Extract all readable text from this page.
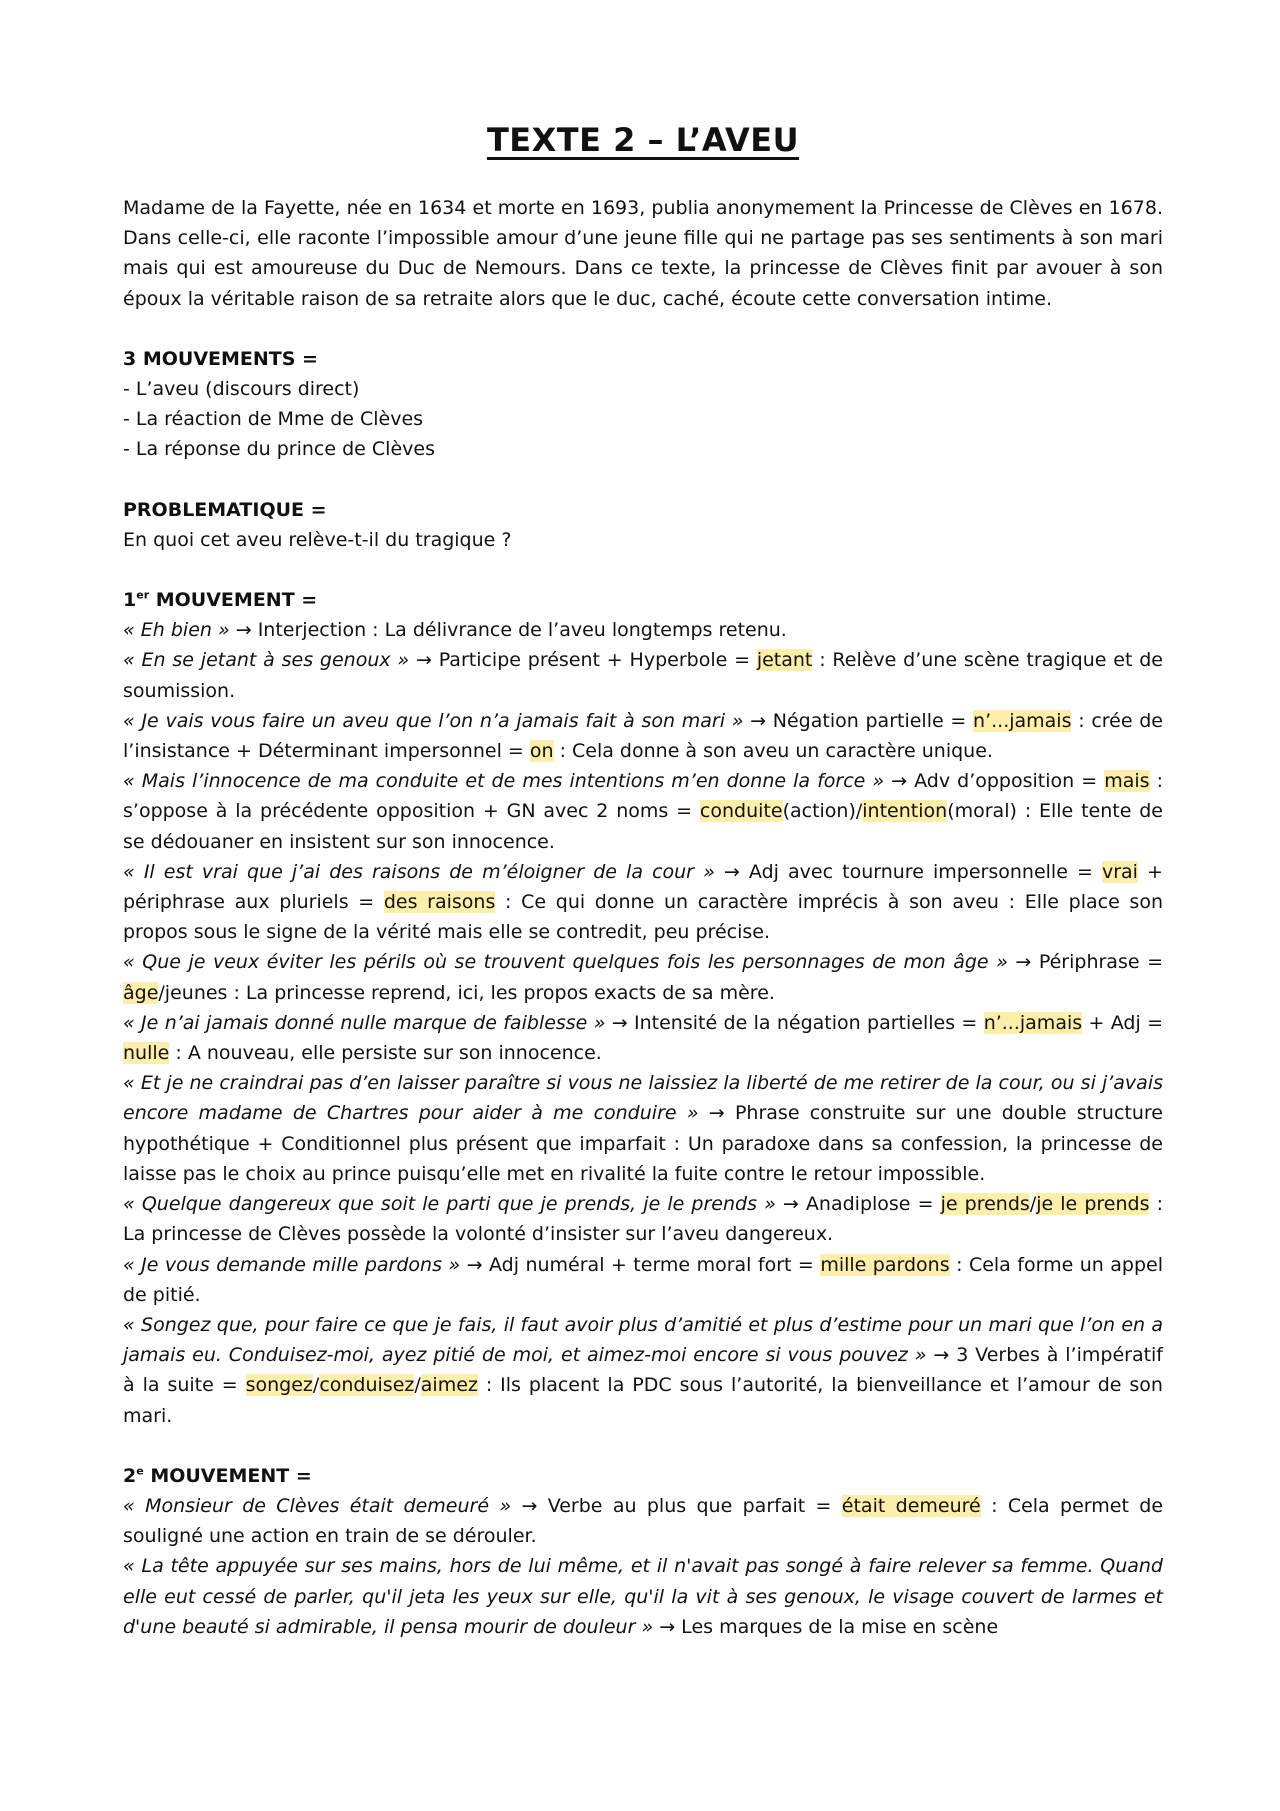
TEXTE 2 – L’AVEU

Madame de la Fayette, née en 1634 et morte en 1693, publia anonymement la Princesse de Clèves en 1678. Dans celle-ci, elle raconte l’impossible amour d’une jeune fille qui ne partage pas ses sentiments à son mari mais qui est amoureuse du Duc de Nemours. Dans ce texte, la princesse de Clèves finit par avouer à son époux la véritable raison de sa retraite alors que le duc, caché, écoute cette conversation intime.

3 MOUVEMENTS =

- L’aveu (discours direct)

- La réaction de Mme de Clèves

- La réponse du prince de Clèves

PROBLEMATIQUE =

En quoi cet aveu relève-t-il du tragique ?

1er MOUVEMENT =

« Eh bien » → Interjection : La délivrance de l’aveu longtemps retenu.

« En se jetant à ses genoux » → Participe présent + Hyperbole = jetant : Relève d’une scène tragique et de soumission.

« Je vais vous faire un aveu que l’on n’a jamais fait à son mari » → Négation partielle = n’...jamais : crée de l’insistance + Déterminant impersonnel = on : Cela donne à son aveu un caractère unique.

« Mais l’innocence de ma conduite et de mes intentions m’en donne la force » → Adv d’opposition = mais : s’oppose à la précédente opposition + GN avec 2 noms = conduite(action)/intention(moral) : Elle tente de se dédouaner en insistent sur son innocence.

« Il est vrai que j’ai des raisons de m’éloigner de la cour » → Adj avec tournure impersonnelle = vrai + périphrase aux pluriels = des raisons : Ce qui donne un caractère imprécis à son aveu : Elle place son propos sous le signe de la vérité mais elle se contredit, peu précise.

« Que je veux éviter les périls où se trouvent quelques fois les personnages de mon âge » → Périphrase = âge/jeunes : La princesse reprend, ici, les propos exacts de sa mère.

« Je n’ai jamais donné nulle marque de faiblesse » → Intensité de la négation partielles = n’...jamais + Adj = nulle : A nouveau, elle persiste sur son innocence.

« Et je ne craindrai pas d’en laisser paraître si vous ne laissiez la liberté de me retirer de la cour, ou si j’avais encore madame de Chartres pour aider à me conduire » → Phrase construite sur une double structure hypothétique + Conditionnel plus présent que imparfait : Un paradoxe dans sa confession, la princesse de laisse pas le choix au prince puisqu’elle met en rivalité la fuite contre le retour impossible.

« Quelque dangereux que soit le parti que je prends, je le prends » → Anadiplose = je prends/je le prends : La princesse de Clèves possède la volonté d’insister sur l’aveu dangereux.

« Je vous demande mille pardons » → Adj numéral + terme moral fort = mille pardons : Cela forme un appel de pitié.

« Songez que, pour faire ce que je fais, il faut avoir plus d’amitié et plus d’estime pour un mari que l’on en a jamais eu. Conduisez-moi, ayez pitié de moi, et aimez-moi encore si vous pouvez » → 3 Verbes à l’impératif à la suite = songez/conduisez/aimez : Ils placent la PDC sous l’autorité, la bienveillance et l’amour de son mari.

2e MOUVEMENT =

« Monsieur de Clèves était demeuré » → Verbe au plus que parfait = était demeuré : Cela permet de souligné une action en train de se dérouler.

« La tête appuyée sur ses mains, hors de lui même, et il n'avait pas songé à faire relever sa femme. Quand elle eut cessé de parler, qu'il jeta les yeux sur elle, qu'il la vit à ses genoux, le visage couvert de larmes et d'une beauté si admirable, il pensa mourir de douleur » → Les marques de la mise en scène
